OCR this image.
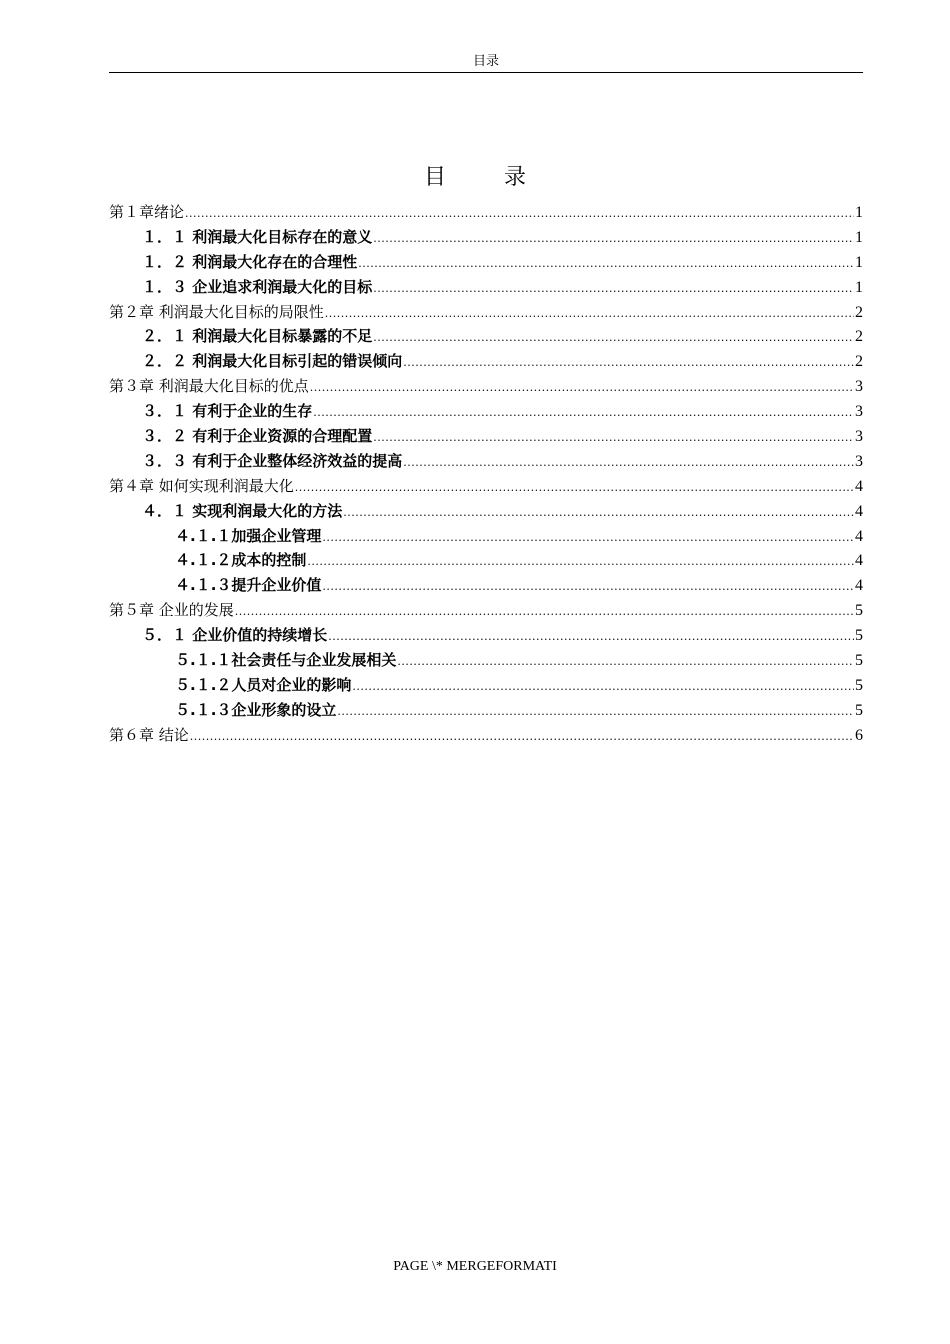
目录
目　录
第１章绪论 .....	1
１．１ 利润最大化目标存在的意义 .....	1
１．２ 利润最大化存在的合理性 .....	1
１．３ 企业追求利润最大化的目标 .....	1
第２章 利润最大化目标的局限性 .....	2
２．１ 利润最大化目标暴露的不足 .....	2
２．２ 利润最大化目标引起的错误倾向 .....	2
第３章 利润最大化目标的优点 .....	3
３．１ 有利于企业的生存 .....	3
３．２ 有利于企业资源的合理配置 .....	3
３．３ 有利于企业整体经济效益的提高 .....	3
第４章 如何实现利润最大化 .....	4
４．１ 实现利润最大化的方法 .....	4
４.１.１加强企业管理 .....	4
４.１.２成本的控制 .....	4
４.１.３提升企业价值 .....	4
第５章 企业的发展 .....	5
５．１ 企业价值的持续增长 .....	5
５.１.１社会责任与企业发展相关 .....	5
５.１.２人员对企业的影响 .....	5
５.１.３企业形象的设立 .....	5
第６章 结论 .....	6
PAGE \* MERGEFORMATI
